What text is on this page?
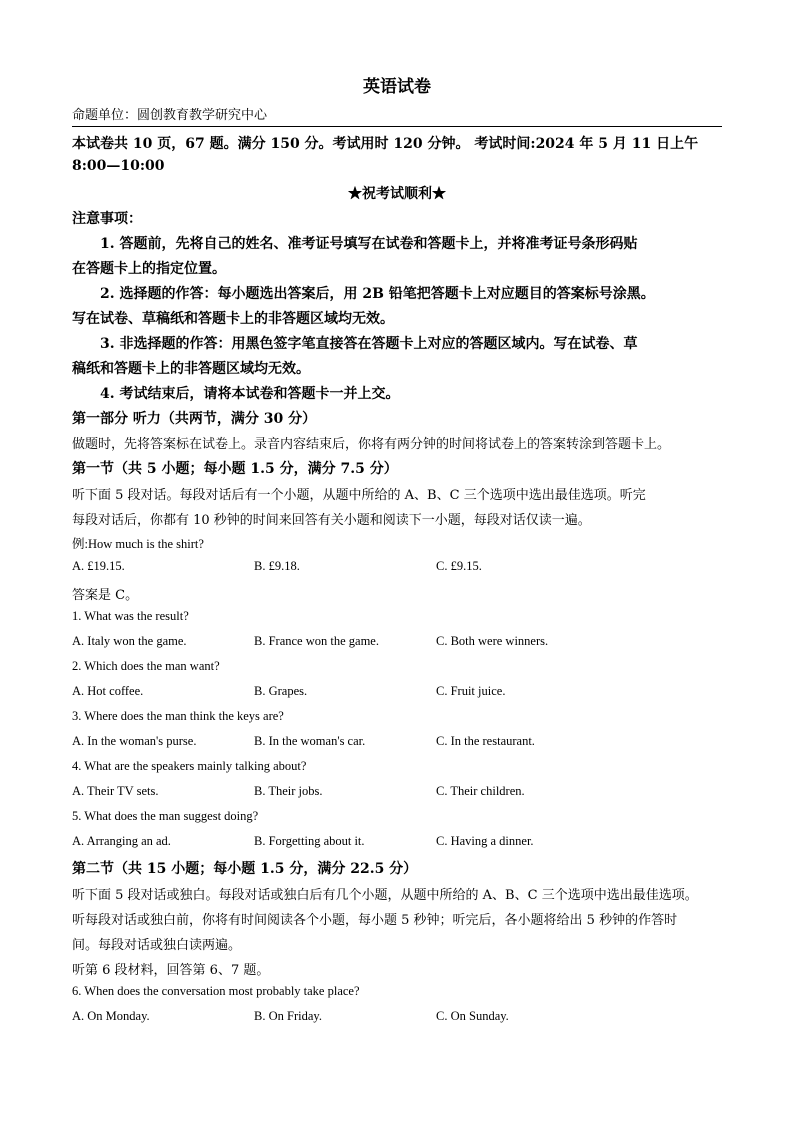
英语试卷
命题单位：圆创教育教学研究中心
本试卷共 10 页，67 题。满分 150 分。考试用时 120 分钟。 考试时间:2024 年 5 月 11 日上午
8:00—10:00
★祝考试顺利★
注意事项：
1. 答题前，先将自己的姓名、准考证号填写在试卷和答题卡上，并将准考证号条形码贴
在答题卡上的指定位置。
2. 选择题的作答：每小题选出答案后，用 2B 铅笔把答题卡上对应题目的答案标号涂黑。
写在试卷、草稿纸和答题卡上的非答题区域均无效。
3. 非选择题的作答：用黑色签字笔直接答在答题卡上对应的答题区域内。写在试卷、草
稿纸和答题卡上的非答题区域均无效。
4. 考试结束后，请将本试卷和答题卡一并上交。
第一部分 听力（共两节，满分 30 分）
做题时，先将答案标在试卷上。录音内容结束后，你将有两分钟的时间将试卷上的答案转涂到答题卡上。
第一节（共 5 小题；每小题 1.5 分，满分 7.5 分）
听下面 5 段对话。每段对话后有一个小题，从题中所给的 A、B、C 三个选项中选出最佳选项。听完
每段对话后，你都有 10 秒钟的时间来回答有关小题和阅读下一小题，每段对话仅读一遍。
例:How much is the shirt?
A. £19.15.	B. £9.18.	C. £9.15.
答案是 C。
1. What was the result?
A. Italy won the game.	B. France won the game.	C. Both were winners.
2. Which does the man want?
A. Hot coffee.	B. Grapes.	C. Fruit juice.
3. Where does the man think the keys are?
A. In the woman's purse.	B. In the woman's car.	C. In the restaurant.
4. What are the speakers mainly talking about?
A. Their TV sets.	B. Their jobs.	C. Their children.
5. What does the man suggest doing?
A. Arranging an ad.	B. Forgetting about it.	C. Having a dinner.
第二节（共 15 小题；每小题 1.5 分，满分 22.5 分）
听下面 5 段对话或独白。每段对话或独白后有几个小题，从题中所给的 A、B、C 三个选项中选出最佳选项。
听每段对话或独白前，你将有时间阅读各个小题，每小题 5 秒钟；听完后，各小题将给出 5 秒钟的作答时
间。每段对话或独白读两遍。
听第 6 段材料，回答第 6、7 题。
6. When does the conversation most probably take place?
A. On Monday.	B. On Friday.	C. On Sunday.
